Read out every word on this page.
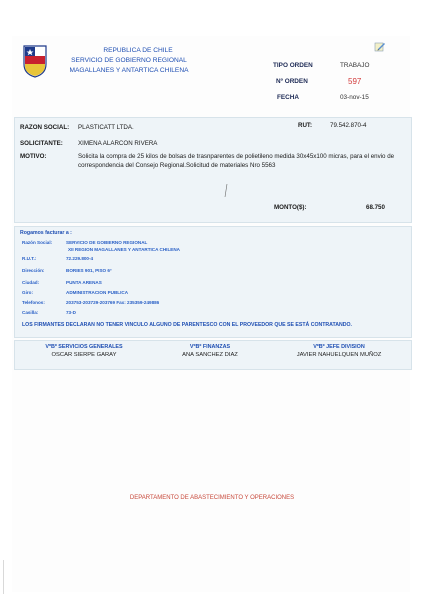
REPUBLICA DE CHILE
SERVICIO DE GOBIERNO REGIONAL
MAGALLANES Y ANTARTICA CHILENA
TIPO ORDEN	TRABAJO
Nº ORDEN	597
FECHA	03-nov-15
RAZON SOCIAL: PLASTICATT LTDA.	RUT:	79.542.870-4
SOLICITANTE: XIMENA ALARCON RIVERA
MOTIVO:	Solicita la compra de 25 kilos de bolsas de trasnparentes de polietileno medida 30x45x100 micras, para el envio de correspondencia del Consejo Regional.Solicitud de materiales Nro 5563
MONTO($):	68.750
Rogamos facturar a :
Razón Social:	SERVICIO DE GOBIERNO REGIONAL
XII REGION MAGALLANES Y ANTARTICA CHILENA
R.U.T.:	72.229.800-4
Dirección:	BORIES 901, PISO 6°
Ciudad:	PUNTA ARENAS
Giro:	ADMINISTRACION PUBLICA
Telefonos:	203753-203729-203769 Fax: 235359-249886
Casilla:	73-D
LOS FIRMANTES DECLARAN NO TENER VINCULO ALGUNO DE PARENTESCO CON EL PROVEEDOR QUE SE ESTÁ CONTRATANDO.
VºBº SERVICIOS GENERALES
OSCAR SIERPE GARAY
VºBº FINANZAS
ANA SANCHEZ DIAZ
VºBº JEFE DIVISION
JAVIER NAHUELQUEN MUÑOZ
DEPARTAMENTO DE ABASTECIMIENTO Y OPERACIONES
